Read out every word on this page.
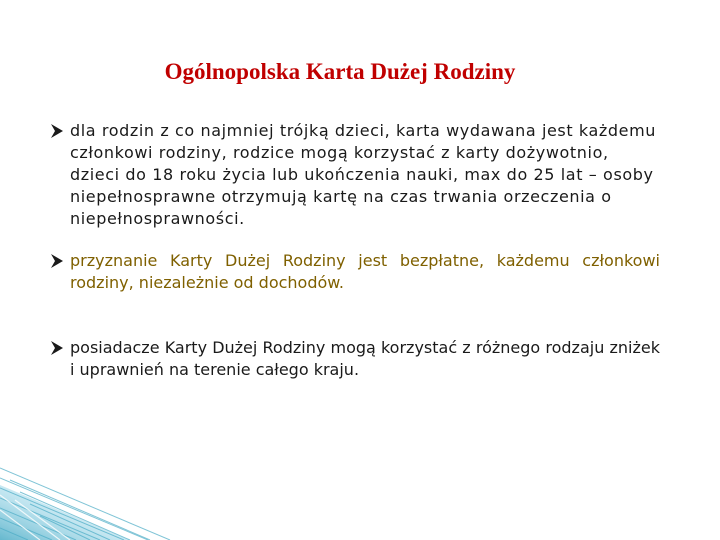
Ogólnopolska Karta Dużej Rodziny
dla rodzin z co najmniej trójką dzieci, karta wydawana jest każdemu członkowi rodziny, rodzice mogą korzystać z karty dożywotnio, dzieci do 18 roku życia lub ukończenia nauki, max do 25 lat – osoby niepełnosprawne otrzymują kartę na czas trwania orzeczenia o niepełnosprawności.
przyznanie Karty Dużej Rodziny jest bezpłatne, każdemu członkowi rodziny, niezależnie od dochodów.
posiadacze Karty Dużej Rodziny mogą korzystać z różnego rodzaju zniżek i uprawnień na terenie całego kraju.
